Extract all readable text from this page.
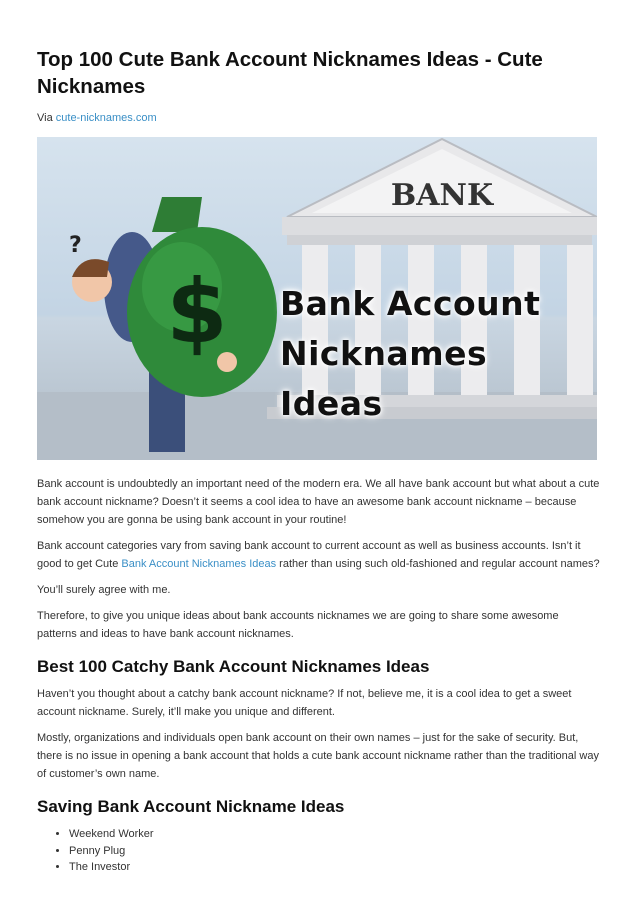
Top 100 Cute Bank Account Nicknames Ideas - Cute Nicknames
Via cute-nicknames.com
BANK
?
$ Bank Account
Nicknames Ideas

Bank account is undoubtedly an important need of the modern era. We all have bank account but what about a cute bank account nickname? Doesn’t it seems a cool idea to have an awesome bank account nickname – because somehow you are gonna be using bank account in your routine!

Bank account categories vary from saving bank account to current account as well as business accounts. Isn’t it good to get Cute Bank Account Nicknames Ideas rather than using such old-fashioned and regular account names?

You’ll surely agree with me.

Therefore, to give you unique ideas about bank accounts nicknames we are going to share some awesome patterns and ideas to have bank account nicknames.

Best 100 Catchy Bank Account Nicknames Ideas

Haven’t you thought about a catchy bank account nickname? If not, believe me, it is a cool idea to get a sweet account nickname. Surely, it’ll make you unique and different.

Mostly, organizations and individuals open bank account on their own names – just for the sake of security. But, there is no issue in opening a bank account that holds a cute bank account nickname rather than the traditional way of customer’s own name.

Saving Bank Account Nickname Ideas
• Weekend Worker
• Penny Plug
• The Investor
